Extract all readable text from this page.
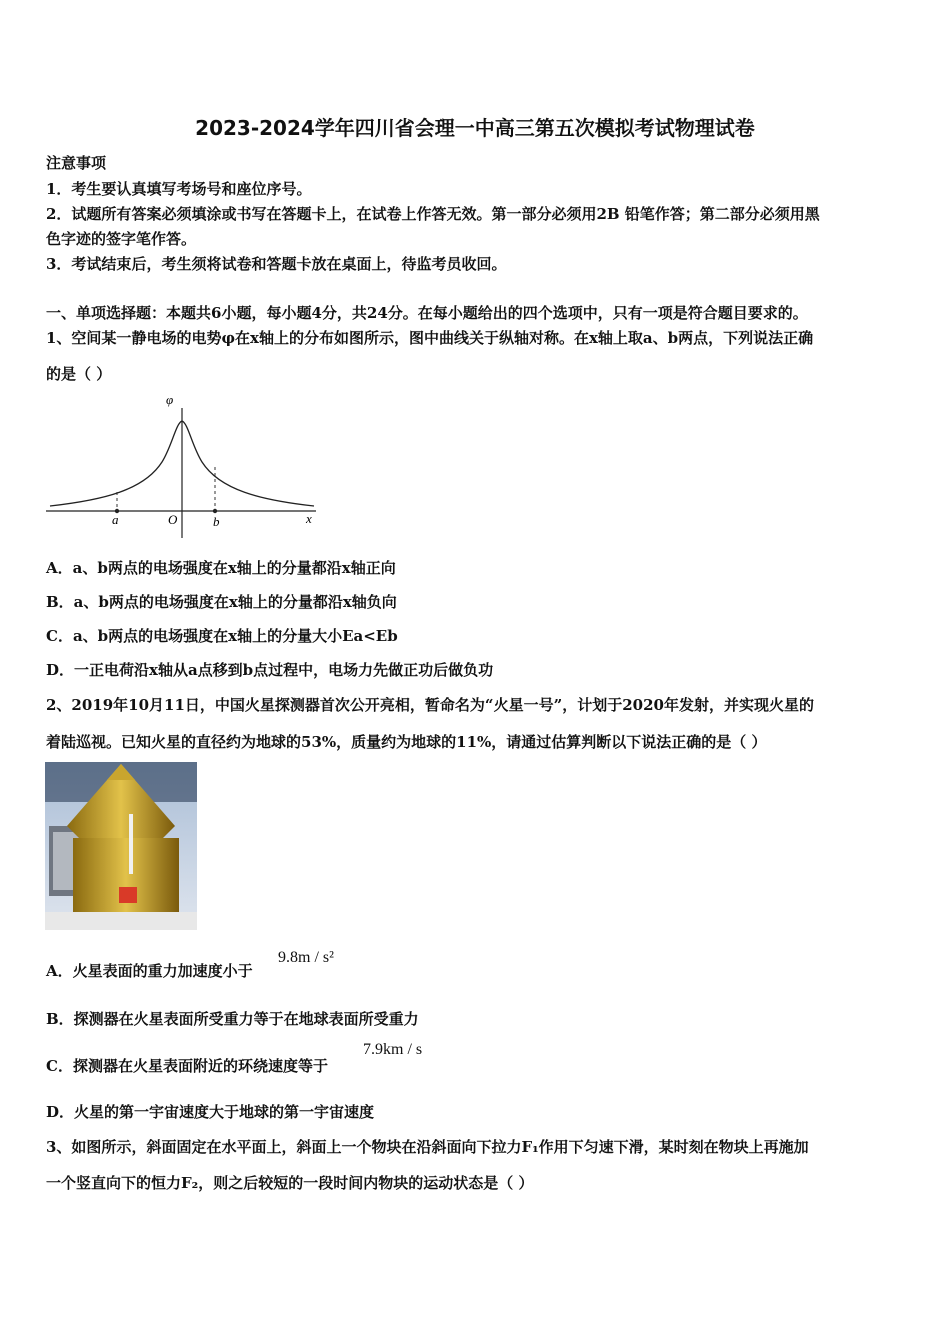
2023-2024学年四川省会理一中高三第五次模拟考试物理试卷
注意事项
1．考生要认真填写考场号和座位序号。
2．试题所有答案必须填涂或书写在答题卡上，在试卷上作答无效。第一部分必须用2B 铅笔作答；第二部分必须用黑
色字迹的签字笔作答。
3．考试结束后，考生须将试卷和答题卡放在桌面上，待监考员收回。
一、单项选择题：本题共6小题，每小题4分，共24分。在每小题给出的四个选项中，只有一项是符合题目要求的。
1、空间某一静电场的电势φ在x轴上的分布如图所示，图中曲线关于纵轴对称。在x轴上取a、b两点，下列说法正确
的是（ ）
φ
a	O	b	x
A．a、b两点的电场强度在x轴上的分量都沿x轴正向
B．a、b两点的电场强度在x轴上的分量都沿x轴负向
C．a、b两点的电场强度在x轴上的分量大小Ea<Eb
D．一正电荷沿x轴从a点移到b点过程中，电场力先做正功后做负功
2、2019年10月11日，中国火星探测器首次公开亮相，暂命名为“火星一号”，计划于2020年发射，并实现火星的
着陆巡视。已知火星的直径约为地球的53%，质量约为地球的11%，请通过估算判断以下说法正确的是（ ）
A．火星表面的重力加速度小于
9.8m / s²
B．探测器在火星表面所受重力等于在地球表面所受重力
C．探测器在火星表面附近的环绕速度等于
7.9km / s
D．火星的第一宇宙速度大于地球的第一宇宙速度
3、如图所示，斜面固定在水平面上，斜面上一个物块在沿斜面向下拉力F₁作用下匀速下滑，某时刻在物块上再施加
一个竖直向下的恒力F₂，则之后较短的一段时间内物块的运动状态是（ ）
